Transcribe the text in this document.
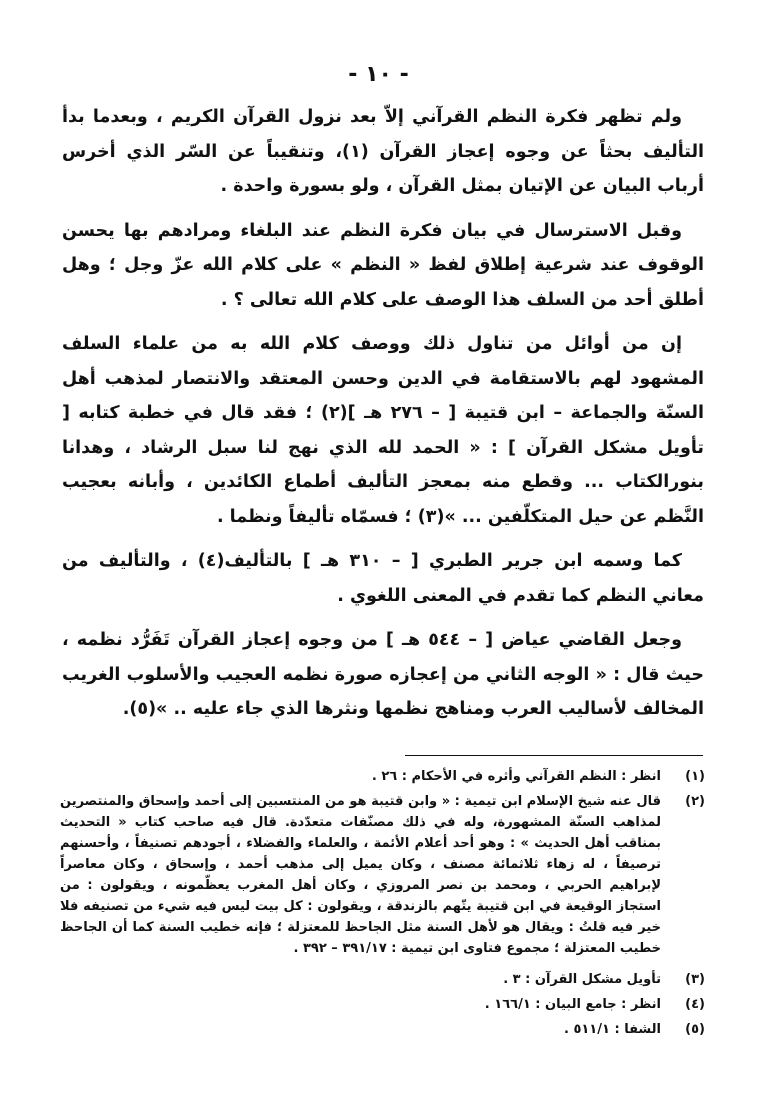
- ١٠ -

ولم تظهر فكرة النظم القرآني إلاّ بعد نزول القرآن الكريم ، وبعدما بدأ التأليف بحثاً عن وجوه إعجاز القرآن (١)، وتنقيباً عن السّر الذي أخرس أرباب البيان عن الإتيان بمثل القرآن ، ولو بسورة واحدة .

وقبل الاسترسال في بيان فكرة النظم عند البلغاء ومرادهم بها يحسن الوقوف عند شرعية إطلاق لفظ « النظم » على كلام الله عزّ وجل ؛ وهل أطلق أحد من السلف هذا الوصف على كلام الله تعالى ؟ .

إن من أوائل من تناول ذلك ووصف كلام الله به من علماء السلف المشهود لهم بالاستقامة في الدين وحسن المعتقد والانتصار لمذهب أهل السنّة والجماعة – ابن قتيبة [ – ٢٧٦ هـ ](٢) ؛ فقد قال في خطبة كتابه [ تأويل مشكل القرآن ] : « الحمد لله الذي نهج لنا سبل الرشاد ، وهدانا بنورالكتاب ... وقطع منه بمعجز التأليف أطماع الكائدين ، وأبانه بعجيب النَّظم عن حيل المتكلّفين ... »(٣) ؛ فسمّاه تأليفاً ونظما .

كما وسمه ابن جرير الطبري [ – ٣١٠ هـ ] بالتأليف(٤) ، والتأليف من معاني النظم كما تقدم في المعنى اللغوي .

وجعل القاضي عياض [ – ٥٤٤ هـ ] من وجوه إعجاز القرآن تَفَرُّد نظمه ، حيث قال : « الوجه الثاني من إعجازه صورة نظمه العجيب والأسلوب الغريب المخالف لأساليب العرب ومناهج نظمها ونثرها الذي جاء عليه .. »(٥).

(١)
انظر : النظم القرآني وأثره في الأحكام : ٢٦ .
(٢)
قال عنه شيخ الإسلام ابن تيمية : « وابن قتيبة هو من المنتسبين إلى أحمد وإسحاق والمنتصرين لمذاهب السنّة المشهورة، وله في ذلك مصنّفات متعدّدة. قال فيه صاحب كتاب « التحديث بمناقب أهل الحديث » : وهو أحد أعلام الأئمة ، والعلماء والفضلاء ، أجودهم تصنيفاً ، وأحسنهم ترصيفاً ، له زهاء ثلاثمائة مصنف ، وكان يميل إلى مذهب أحمد ، وإسحاق ، وكان معاصراً لإبراهيم الحربي ، ومحمد بن نصر المروزي ، وكان أهل المغرب يعظّمونه ، ويقولون : من استجاز الوقيعة في ابن قتيبة يتّهم بالزندقة ، ويقولون : كل بيت ليس فيه شيء من تصنيفه فلا خير فيه قلتُ : ويقال هو لأهل السنة مثل الجاحظ للمعتزلة ؛ فإنه خطيب السنة كما أن الجاحظ خطيب المعتزلة ؛ مجموع فتاوى ابن تيمية : ٣٩١/١٧ – ٣٩٢ .
(٣)
تأويل مشكل القرآن : ٣ .
(٤)
انظر : جامع البيان : ١٦٦/١ .
(٥)
الشفا : ٥١١/١ .
